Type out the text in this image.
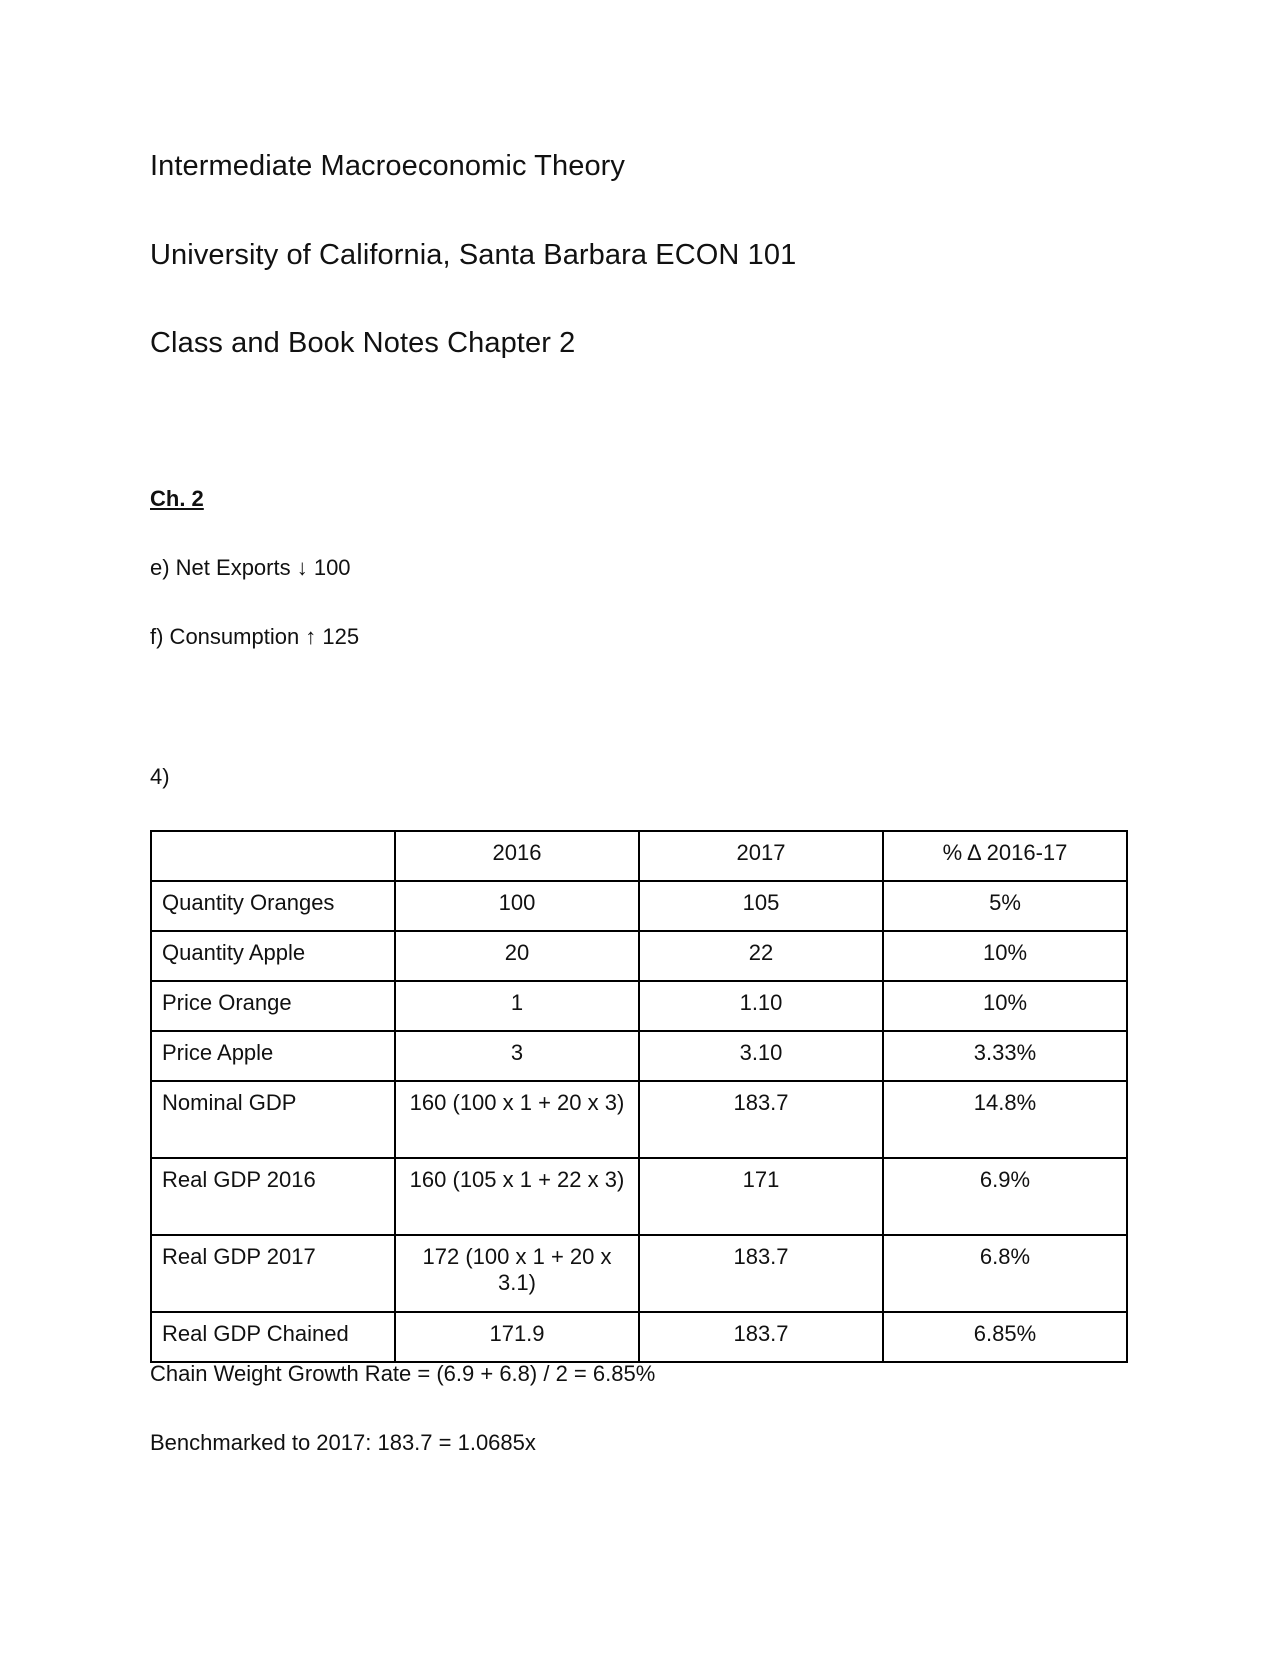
Intermediate Macroeconomic Theory
University of California, Santa Barbara ECON 101
Class and Book Notes Chapter 2
Ch. 2
e) Net Exports ↓ 100
f) Consumption ↑ 125
4)
	2016	2017	% Δ 2016-17
Quantity Oranges	100	105	5%
Quantity Apple	20	22	10%
Price Orange	1	1.10	10%
Price Apple	3	3.10	3.33%
Nominal GDP	160 (100 x 1 + 20 x 3)	183.7	14.8%
Real GDP 2016	160 (105 x 1 + 22 x 3)	171	6.9%
Real GDP 2017	172 (100 x 1 + 20 x 3.1)	183.7	6.8%
Real GDP Chained	171.9	183.7	6.85%
Chain Weight Growth Rate = (6.9 + 6.8) / 2 = 6.85%
Benchmarked to 2017: 183.7 = 1.0685x
